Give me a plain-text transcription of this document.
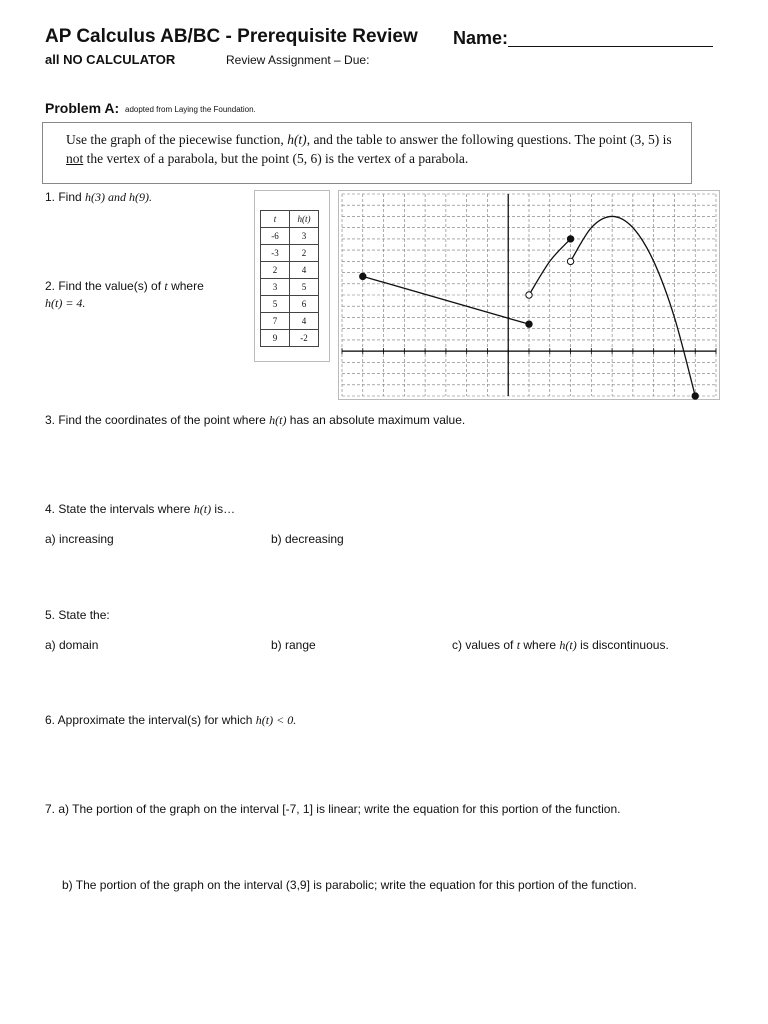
AP Calculus AB/BC - Prerequisite Review Name:
all NO CALCULATOR	Review Assignment – Due:
Problem A: adopted from Laying the Foundation.
Use the graph of the piecewise function, h(t), and the table to answer the following questions. The point (3, 5) is not the vertex of a parabola, but the point (5, 6) is the vertex of a parabola.
1. Find h(3) and h(9).
2. Find the value(s) of t where
h(t) = 4.
t	h(t)
-6	3
-3	2
2	4
3	5
5	6
7	4
9	-2
3. Find the coordinates of the point where h(t) has an absolute maximum value.
4. State the intervals where h(t) is…
a) increasing	b) decreasing
5. State the:
a) domain	b) range	c) values of t where h(t) is discontinuous.
6. Approximate the interval(s) for which h(t) < 0.
7. a) The portion of the graph on the interval [-7, 1] is linear; write the equation for this portion of the function.
b) The portion of the graph on the interval (3,9] is parabolic; write the equation for this portion of the function.
